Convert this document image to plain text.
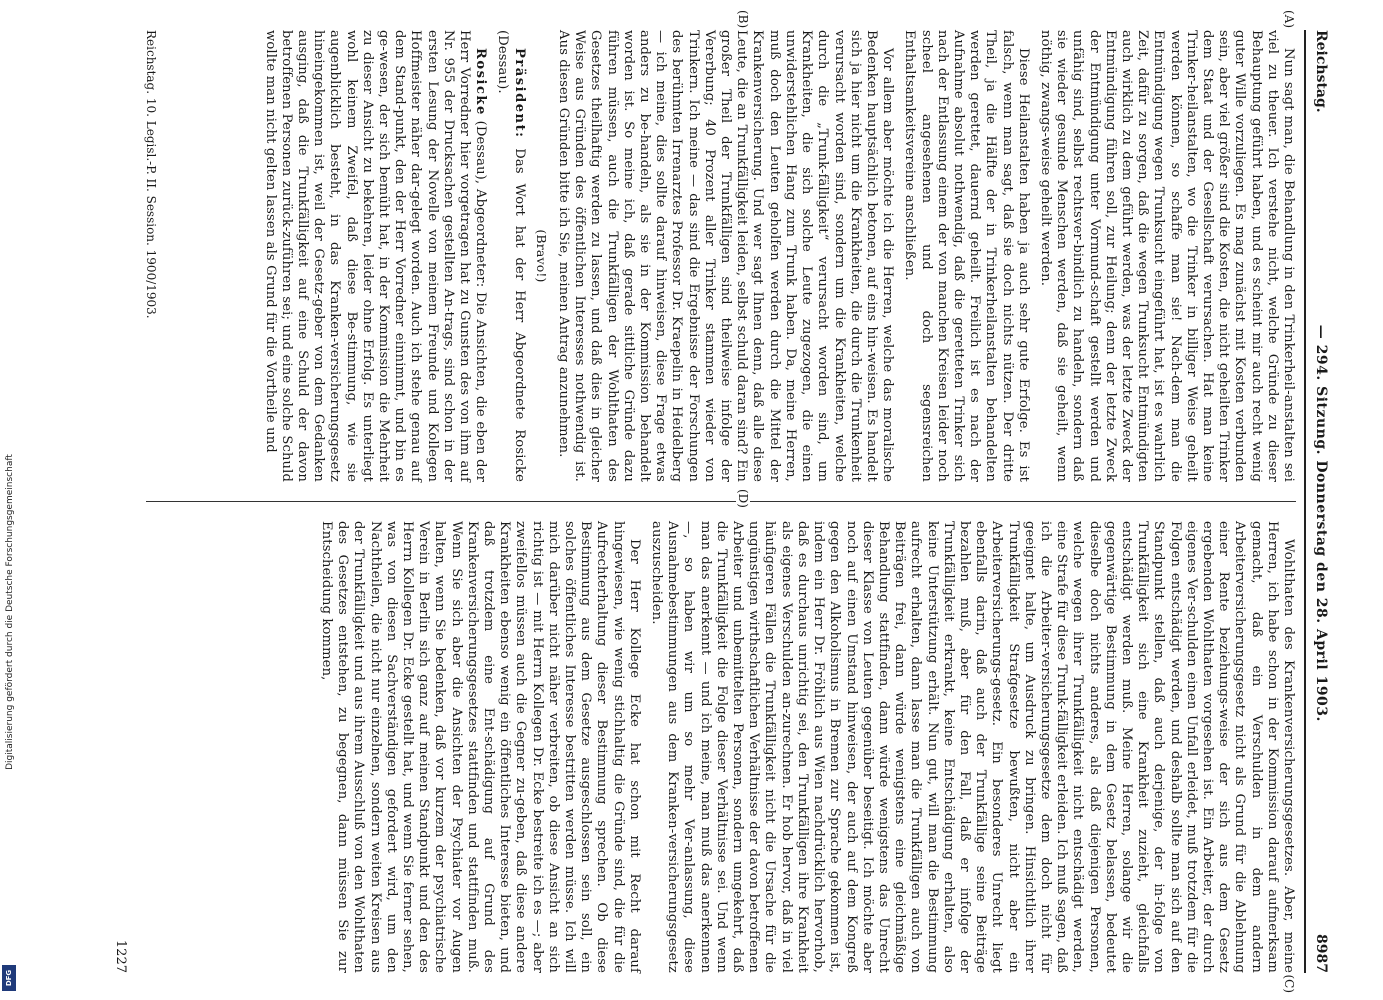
Digitalisierung gefördert durch die Deutsche Forschungsgemeinschaft
DFG
Reichstag.
— 294. Sitzung. Donnerstag den 28. April 1903.
8987
(A)
(B)
(C)

Nun sagt man, die Behandlung in den Trinkerheil-anstalten sei viel zu theuer. Ich verstehe nicht, welche Gründe zu dieser Behauptung geführt haben, und es scheint mir auch recht wenig guter Wille vorzuliegen. Es mag zunächst mit Kosten verbunden sein, aber viel größer sind die Kosten, die nicht geheilten Trinker dem Staat und der Gesellschaft verursachen. Hat man keine Trinker-heilanstalten, wo die Trinker in billiger Weise geheilt werden können, so schaffe man sie! Nach-dem man die Entmündigung wegen Trunksucht eingeführt hat, ist es wahrlich Zeit, dafür zu sorgen, daß die wegen Trunksucht Entmündigten auch wirklich zu dem geführt werden, was der letzte Zweck der Entmündigung führen soll, zur Heilung; denn der letzte Zweck der Entmündigung unter Vormund-schaft gestellt werden und unfähig sind, selbst rechtsver-bindlich zu handeln, sondern daß sie wieder gesunde Menschen werden, daß sie geheilt, wenn nöthig, zwangs-weise geheilt werden.

Diese Heilanstalten haben ja auch sehr gute Erfolge. Es ist falsch, wenn man sagt, daß sie doch nichts nützen. Der dritte Theil, ja die Hälfte der in Trinkerheilanstalten behandelten werden gerettet, dauernd geheilt. Freilich ist es nach der Aufnahme absolut nothwendig, daß die geretteten Trinker sich nach der Entlassung einem der von manchen Kreisen leider noch scheel angesehenen und doch segensreichen Enthaltsamkeitsvereine anschließen.

Vor allem aber möchte ich die Herren, welche das moralische Bedenken hauptsächlich betonen, auf eins hin-weisen. Es handelt sich ja hier nicht um die Krankheiten, die durch die Trunkenheit verursacht worden sind, sondern um die Krankheiten, welche durch die „Trunk-fälligkeit“ verursacht worden sind, um Krankheiten, die sich solche Leute zugezogen, die einen unwiderstehlichen Hang zum Trunk haben. Da, meine Herren, muß doch den Leuten geholfen werden durch die Mittel der Krankenversicherung. Und wer sagt Ihnen denn, daß alle diese Leute, die an Trunkfälligkeit leiden, selbst schuld daran sind? Ein großer Theil der Trunkfälligen sind theilweise infolge der Vererbung; 40 Prozent aller Trinker stammen wieder von Trinkern. Ich meine — das sind die Ergebnisse der Forschungen des berühmten Irrenarztes Professor Dr. Kraepelin in Heidelberg — ich meine, dies sollte darauf hinweisen, diese Frage etwas anders zu be-handeln, als sie in der Kommission behandelt worden ist. So meine ich, daß gerade sittliche Gründe dazu führen müssen, auch die Trunkfälligen der Wohlthaten des Gesetzes theilhaftig werden zu lassen, und daß dies in gleicher Weise aus Gründen des öffentlichen Interesses nothwendig ist. Aus diesen Gründen bitte ich Sie, meinen Antrag anzunehmen.

(Bravo!)

Präsident: Das Wort hat der Herr Abgeordnete Rosicke (Dessau).

Rosicke (Dessau), Abgeordneter: Die Ansichten, die eben der Herr Vorredner hier vorgetragen hat zu Gunsten des von ihm auf Nr. 955 der Drucksachen gestellten An-trags, sind schon in der ersten Lesung der Novelle von meinem Freunde und Kollegen Hoffmeister näher dar-gelegt worden. Auch ich stehe genau auf dem Stand-punkt, den der Herr Vorredner einnimmt, und bin es ge-wesen, der sich bemüht hat, in der Kommission die Mehrheit zu dieser Ansicht zu bekehren, leider ohne Erfolg. Es unterliegt wohl keinem Zweifel, daß diese Be-stimmung, wie sie augenblicklich besteht, in das Kranken-versicherungsgesetz hineingekommen ist, weil der Gesetz-geber von dem Gedanken ausging, daß die Trunkfälligkeit auf eine Schuld der davon betroffenen Personen zurück-zuführen sei; und eine solche Schuld wollte man nicht gelten lassen als Grund für die Vortheile und

Reichstag. 10. Legisl.-P. II. Session. 1900/1903.
(D)

Wohlthaten des Krankenversicherungsgesetzes. Aber, meine Herren, ich habe schon in der Kommission darauf aufmerksam gemacht, daß ein Verschulden in dem andern Arbeiterversicherungsgesetz nicht als Grund für die Ablehnung einer Rente beziehungs-weise der sich aus dem Gesetz ergebenden Wohlthaten vorgesehen ist. Ein Arbeiter, der durch eigenes Ver-schulden einen Unfall erleidet, muß trotzdem für die Folgen entschädigt werden, und deshalb sollte man sich auf den Standpunkt stellen, daß auch derjenige, der in-folge von Trunkfälligkeit sich eine Krankheit zuzieht, gleichfalls entschädigt werden muß. Meine Herren, solange wir die gegenwärtige Bestimmung in dem Gesetz belassen, bedeutet dieselbe doch nichts anderes, als daß diejenigen Personen, welche wegen ihrer Trunkfälligkeit nicht entschädigt werden, eine Strafe für diese Trunk-fälligkeit erleiden. Ich muß sagen, daß ich die Arbeiter-versicherungsgesetze dem doch nicht für geeignet halte, um Ausdruck zu bringen. Hinsichtlich ihrer Trunkfälligkeit Strafgesetze bewußten, nicht aber ein Arbeiterversicherungs-gesetz. Ein besonderes Unrecht liegt ebenfalls darin, daß auch der Trunkfällige seine Beiträge bezahlen muß, aber für den Fall, daß er infolge der Trunkfälligkeit erkrankt, keine Entschädigung erhalten, also keine Unterstützung erhält. Nun gut, will man die Bestimmung aufrecht erhalten, dann lasse man die Trunkfälligen auch von Beiträgen frei, dann würde wenigstens eine gleichmäßige Behandlung stattfinden, dann würde wenigstens das Unrecht dieser Klasse von Leuten gegenüber beseitigt. Ich möchte aber noch auf einen Umstand hinweisen, der auch auf dem Kongreß gegen den Alkoholismus in Bremen zur Sprache gekommen ist, indem ein Herr Dr. Fröhlich aus Wien nachdrücklich hervorhob, daß es durchaus unrichtig sei, den Trunkfälligen ihre Krankheit als eigenes Verschulden an-zurechnen. Er hob hervor, daß in viel häufigeren Fällen die Trunkfälligkeit nicht die Ursache für die ungünstigen wirthschaftlichen Verhältnisse der davon betroffenen Arbeiter und unbemittelten Personen, sondern umgekehrt, daß die Trunkfälligkeit die Folge dieser Verhältnisse sei. Und wenn man das anerkennt — und ich meine, man muß das anerkennen —, so haben wir um so mehr Ver-anlassung, diese Ausnahmebestimmungen aus dem Kranken-versicherungsgesetz auszuscheiden.

Der Herr Kollege Ecke hat schon mit Recht darauf hingewiesen, wie wenig stichhaltig die Gründe sind, die für die Aufrechterhaltung dieser Bestimmung sprechen. Ob diese Bestimmung aus dem Gesetze ausgeschlossen sein soll, ein solches öffentliches Interesse bestritten werden müsse. Ich will mich darüber nicht näher verbreiten, ob diese Ansicht an sich richtig ist — mit Herrn Kollegen Dr. Ecke bestreite ich es —; aber zweifellos müssen auch die Gegner zu-geben, daß diese andere Krankheiten ebenso wenig ein öffentliches Interesse bieten, und daß trotzdem eine Ent-schädigung auf Grund des Krankenversicherungsgesetzes stattfinden und stattfinden muß. Wenn Sie sich aber die Ansichten der Psychiater vor Augen halten, wenn Sie bedenken, daß vor kurzem der psychiatrische Verein in Berlin sich ganz auf meinen Standpunkt und den des Herrn Kollegen Dr. Ecke gestellt hat, und wenn Sie ferner sehen, was von diesen Sachverständigen gefordert wird, um den Nachtheilen, die nicht nur einzelnen, sondern weiten Kreisen aus der Trunkfälligkeit und aus ihrem Ausschluß von den Wohlthaten des Gesetzes entstehen, zu begegnen, dann müssen Sie zur Entscheidung kommen,

1227
